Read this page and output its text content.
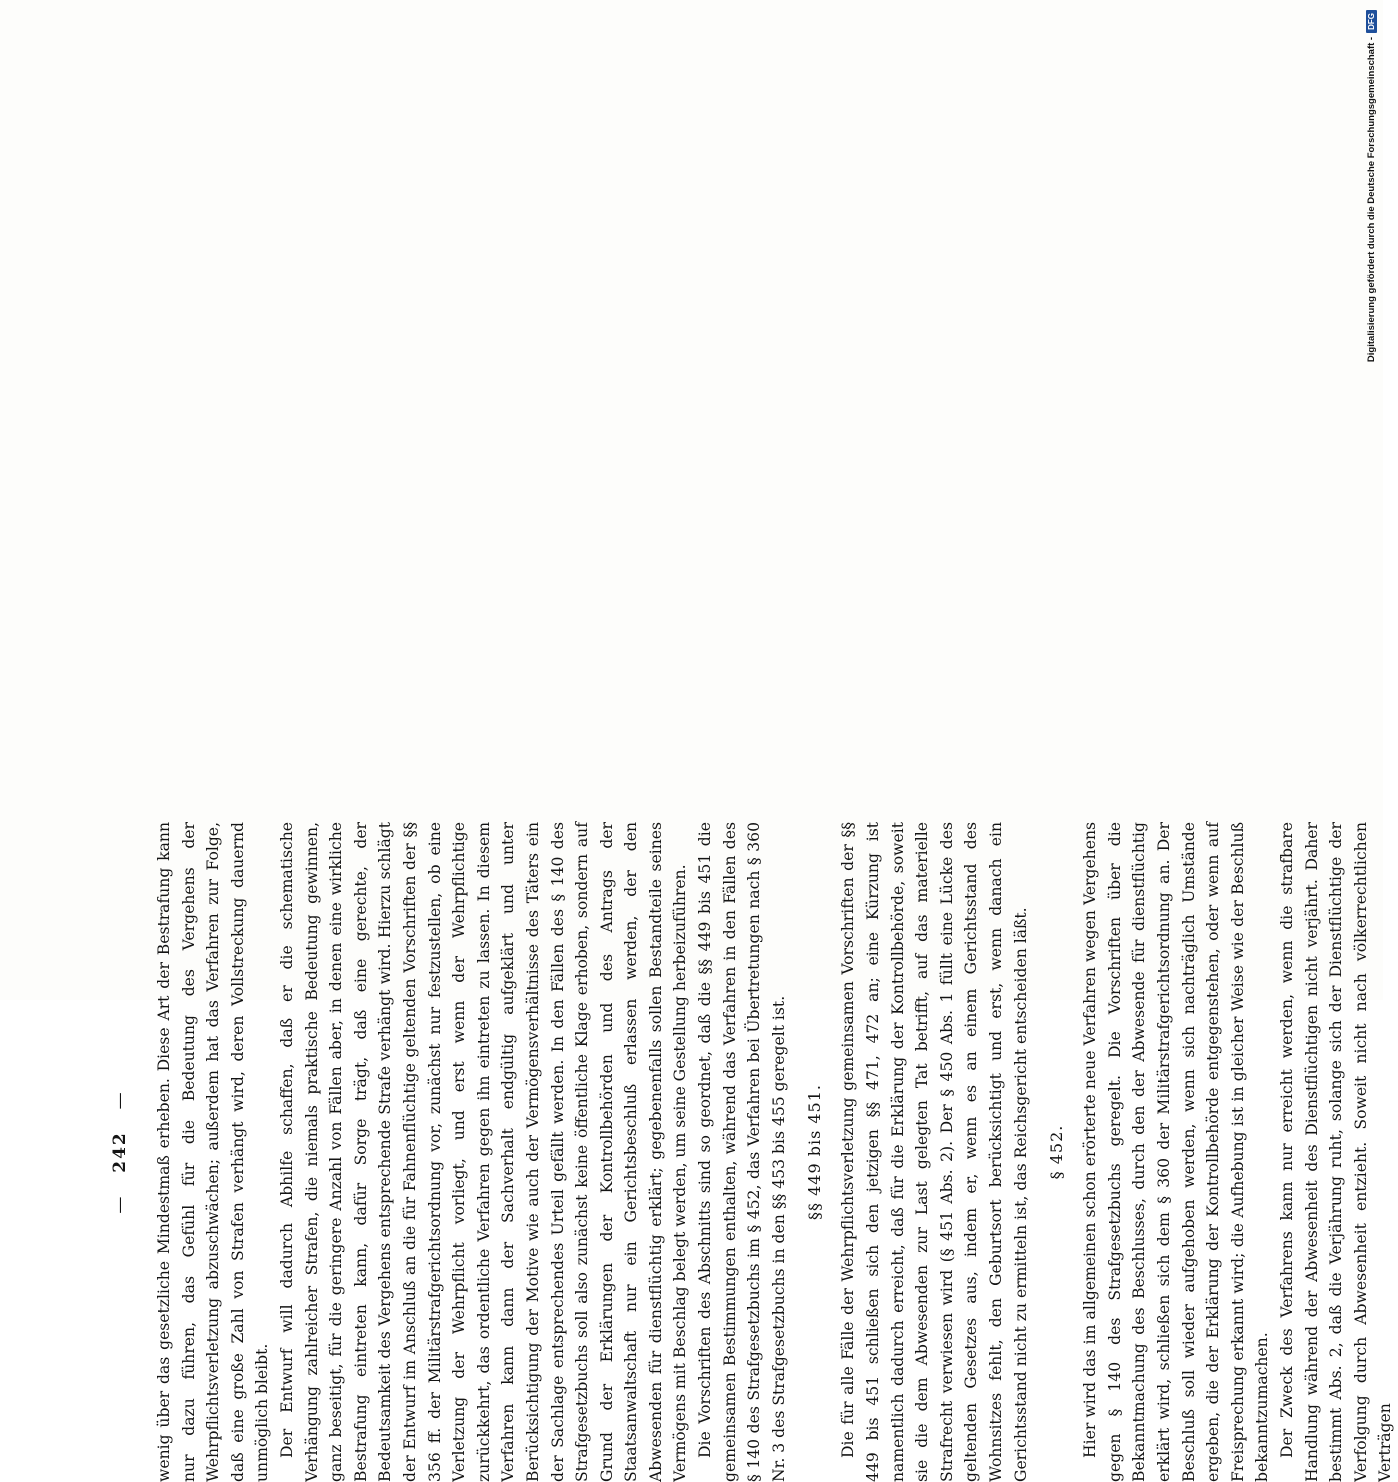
— 242 — wenig über das gesetzliche Mindestmaß erheben. Diese Art der Bestrafung kann nur dazu führen, das Gefühl für die Bedeutung des Vergehens der Wehrpflichtsverletzung abzuschwächen; außerdem hat das Verfahren zur Folge, daß eine große Zahl von Strafen verhängt wird, deren Vollstreckung dauernd unmöglich bleibt. Der Entwurf will dadurch Abhilfe schaffen, daß er die schematische Verhängung zahlreicher Strafen, die niemals praktische Bedeutung gewinnen, ganz beseitigt, für die geringere Anzahl von Fällen aber, in denen eine wirkliche Bestrafung eintreten kann, dafür Sorge trägt, daß eine gerechte, der Bedeutsamkeit des Vergehens entsprechende Strafe verhängt wird. Hierzu schlägt der Entwurf im Anschluß an die für Fahnenflüchtige geltenden Vorschriften der §§ 356 ff. der Militärstrafgerichtsordnung vor, zunächst nur festzustellen, ob eine Verletzung der Wehrpflicht vorliegt, und erst wenn der Wehrpflichtige zurückkehrt, das ordentliche Verfahren gegen ihn eintreten zu lassen. In diesem Verfahren kann dann der Sachverhalt endgültig aufgeklärt und unter Berücksichtigung der Motive wie auch der Vermögensverhältnisse des Täters ein der Sachlage entsprechendes Urteil gefällt werden. In den Fällen des § 140 des Strafgesetzbuchs soll also zunächst keine öffentliche Klage erhoben, sondern auf Grund der Erklärungen der Kontrollbehörden und des Antrags der Staatsanwaltschaft nur ein Gerichtsbeschluß erlassen werden, der den Abwesenden für dienstflüchtig erklärt; gegebenenfalls sollen Bestandteile seines Vermögens mit Beschlag belegt werden, um seine Gestellung herbeizuführen. Die Vorschriften des Abschnitts sind so geordnet, daß die §§ 449 bis 451 die gemeinsamen Bestimmungen enthalten, während das Verfahren in den Fällen des § 140 des Strafgesetzbuchs im § 452, das Verfahren bei Übertretungen nach § 360 Nr. 3 des Strafgesetzbuchs in den §§ 453 bis 455 geregelt ist. §§ 449 bis 451. Die für alle Fälle der Wehrpflichtsverletzung gemeinsamen Vorschriften der §§ 449 bis 451 schließen sich den jetzigen §§ 471, 472 an; eine Kürzung ist namentlich dadurch erreicht, daß für die Erklärung der Kontrollbehörde, soweit sie die dem Abwesenden zur Last gelegten Tat betrifft, auf das materielle Strafrecht verwiesen wird (§ 451 Abs. 2). Der § 450 Abs. 1 füllt eine Lücke des geltenden Gesetzes aus, indem er, wenn es an einem Gerichtsstand des Wohnsitzes fehlt, den Geburtsort berücksichtigt und erst, wenn danach ein Gerichtsstand nicht zu ermitteln ist, das Reichsgericht entscheiden läßt. § 452. Hier wird das im allgemeinen schon erörterte neue Verfahren wegen Vergehens gegen § 140 des Strafgesetzbuchs geregelt. Die Vorschriften über die Bekanntmachung des Beschlusses, durch den der Abwesende für dienstflüchtig erklärt wird, schließen sich dem § 360 der Militärstrafgerichtsordnung an. Der Beschluß soll wieder aufgehoben werden, wenn sich nachträglich Umstände ergeben, die der Erklärung der Kontrollbehörde entgegenstehen, oder wenn auf Freisprechung erkannt wird; die Aufhebung ist in gleicher Weise wie der Beschluß bekanntzumachen. Der Zweck des Verfahrens kann nur erreicht werden, wenn die strafbare Handlung während der Abwesenheit des Dienstflüchtigen nicht verjährt. Daher bestimmt Abs. 2, daß die Verjährung ruht, solange sich der Dienstflüchtige der Verfolgung durch Abwesenheit entzieht. Soweit nicht nach völkerrechtlichen Verträgen

Digitalisierung gefördert durch die Deutsche Forschungsgemeinschaft -
DFG
